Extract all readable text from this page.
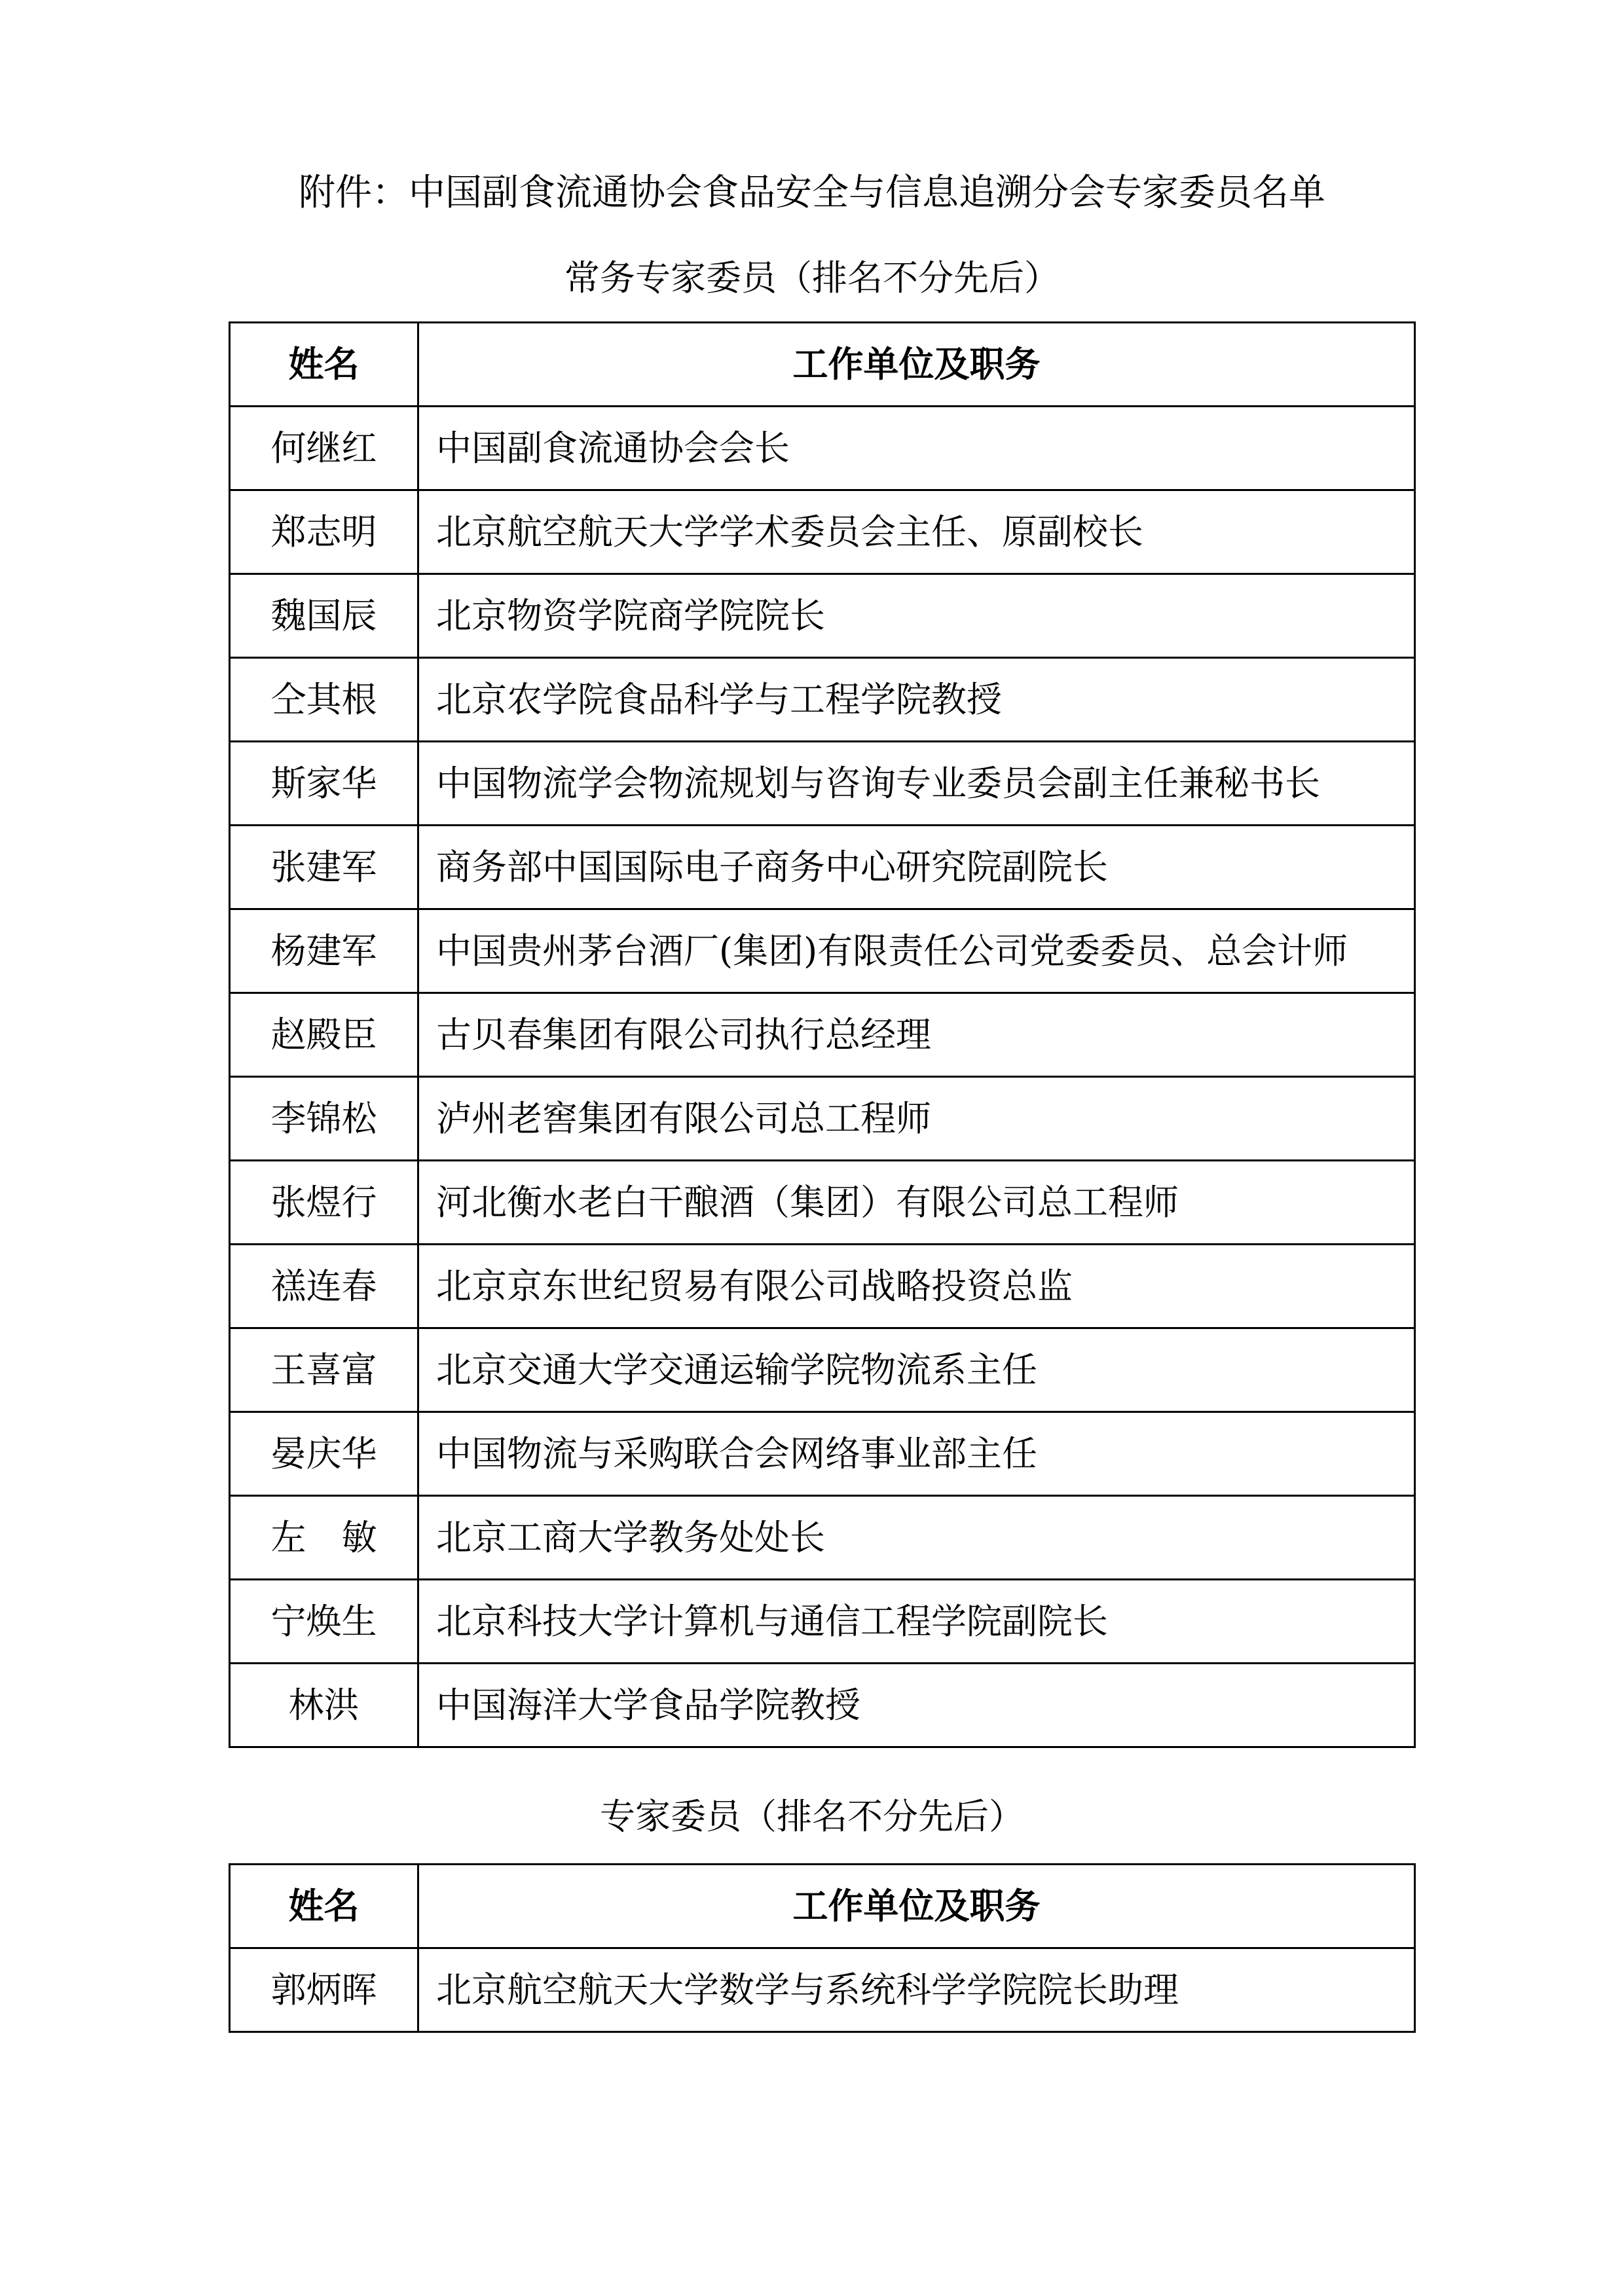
附件：中国副食流通协会食品安全与信息追溯分会专家委员名单
常务专家委员（排名不分先后）
姓名	工作单位及职务
何继红	中国副食流通协会会长
郑志明	北京航空航天大学学术委员会主任、原副校长
魏国辰	北京物资学院商学院院长
仝其根	北京农学院食品科学与工程学院教授
斯家华	中国物流学会物流规划与咨询专业委员会副主任兼秘书长
张建军	商务部中国国际电子商务中心研究院副院长
杨建军	中国贵州茅台酒厂(集团)有限责任公司党委委员、总会计师
赵殿臣	古贝春集团有限公司执行总经理
李锦松	泸州老窖集团有限公司总工程师
张煜行	河北衡水老白干酿酒（集团）有限公司总工程师
禚连春	北京京东世纪贸易有限公司战略投资总监
王喜富	北京交通大学交通运输学院物流系主任
晏庆华	中国物流与采购联合会网络事业部主任
左　敏	北京工商大学教务处处长
宁焕生	北京科技大学计算机与通信工程学院副院长
林洪	中国海洋大学食品学院教授
专家委员（排名不分先后）
姓名	工作单位及职务
郭炳晖	北京航空航天大学数学与系统科学学院院长助理
